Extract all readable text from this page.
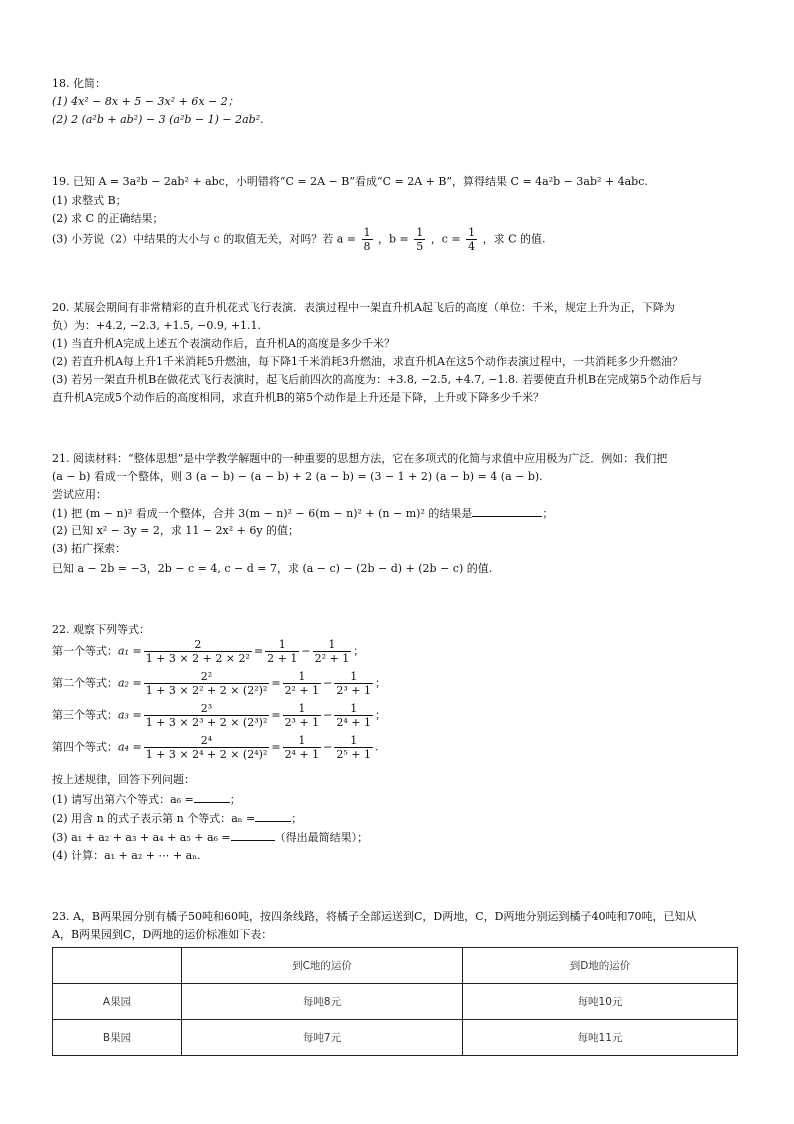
18. 化简：
(1) 4x² − 8x + 5 − 3x² + 6x − 2；
(2) 2 (a²b + ab²) − 3 (a²b − 1) − 2ab².
19. 已知 A = 3a²b − 2ab² + abc，小明错将“C = 2A − B”看成“C = 2A + B”，算得结果 C = 4a²b − 3ab² + 4abc.
(1) 求整式 B；
(2) 求 C 的正确结果；
(3) 小芳说（2）中结果的大小与 c 的取值无关，对吗？若 $a = \frac{1}{8}$ ，$b = \frac{1}{5}$ ，$c = \frac{1}{4}$ ，求 C 的值.
20. 某展会期间有非常精彩的直升机花式飞行表演．表演过程中一架直升机A起飞后的高度（单位：千米，规定上升为正，下降为
负）为：+4.2, −2.3, +1.5, −0.9, +1.1.
(1) 当直升机A完成上述五个表演动作后，直升机A的高度是多少千米？
(2) 若直升机A每上升1千米消耗5升燃油，每下降1千米消耗3升燃油，求直升机A在这5个动作表演过程中，一共消耗多少升燃油？
(3) 若另一架直升机B在做花式飞行表演时，起飞后前四次的高度为：+3.8, −2.5, +4.7, −1.8. 若要使直升机B在完成第5个动作后与
直升机A完成5个动作后的高度相同，求直升机B的第5个动作是上升还是下降，上升或下降多少千米？
21. 阅读材料：“整体思想”是中学教学解题中的一种重要的思想方法，它在多项式的化简与求值中应用极为广泛．例如：我们把
(a − b) 看成一个整体，则 3 (a − b) − (a − b) + 2 (a − b) = (3 − 1 + 2) (a − b) = 4 (a − b).
尝试应用：
(1) 把 (m − n)² 看成一个整体，合并 3(m − n)² − 6(m − n)² + (n − m)² 的结果是	；
(2) 已知 x² − 3y = 2，求 11 − 2x² + 6y 的值；
(3) 拓广探索：
已知 a − 2b = −3，2b − c = 4, c − d = 7，求 (a − c) − (2b − d) + (2b − c) 的值.
22. 观察下列等式：
第一个等式：$a_1 = \frac{2}{\text{1 + 3 × 2 + 2 × 2²}} = \frac{1}{2 + 1} - \frac{1}{\text{2² + 1}}$ ；
第二个等式：$a_2 = \frac{\text{2²}}{\text{1 + 3 × 2² + 2 × (2²)²}} = \frac{1}{\text{2² + 1}} - \frac{1}{\text{2³ + 1}}$ ；
第三个等式：$a_3 = \frac{\text{2³}}{\text{1 + 3 × 2³ + 2 × (2³)²}} = \frac{1}{\text{2³ + 1}} - \frac{1}{\text{2⁴ + 1}}$ ；
第四个等式：$a_4 = \frac{\text{2⁴}}{\text{1 + 3 × 2⁴ + 2 × (2⁴)²}} = \frac{1}{\text{2⁴ + 1}} - \frac{1}{\text{2⁵ + 1}}$ .
按上述规律，回答下列问题：
(1) 请写出第六个等式：a₆ =	；
(2) 用含 n 的式子表示第 n 个等式：aₙ =	；
(3) a₁ + a₂ + a₃ + a₄ + a₅ + a₆ =	（得出最简结果）；
(4) 计算：a₁ + a₂ + ⋯ + aₙ.
23. A，B两果园分别有橘子50吨和60吨，按四条线路，将橘子全部运送到C，D两地，C，D两地分别运到橘子40吨和70吨，已知从
A，B两果园到C，D两地的运价标准如下表：
	到C地的运价	到D地的运价
A果园	每吨8元	每吨10元
B果园	每吨7元	每吨11元
